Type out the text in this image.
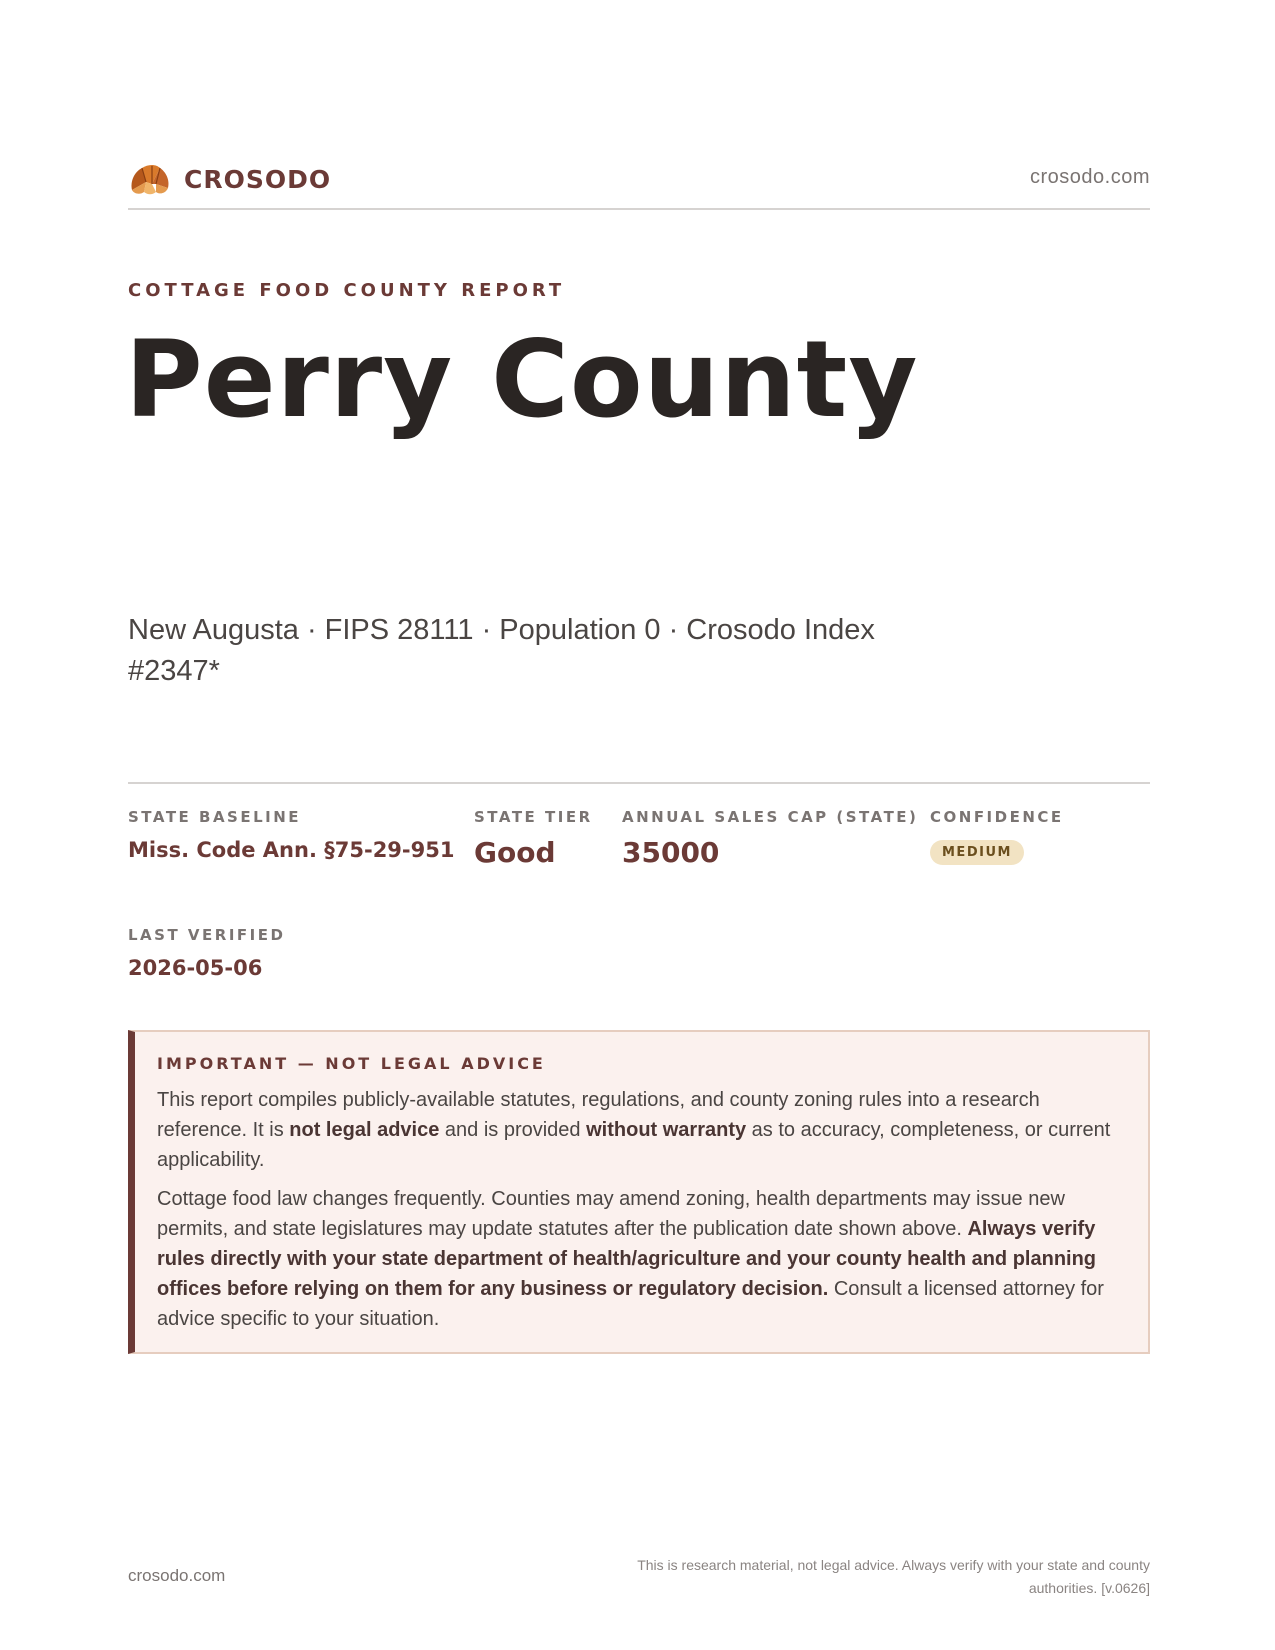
CROSODO	crosodo.com
COTTAGE FOOD COUNTY REPORT
Perry County
New Augusta · FIPS 28111 · Population 0 · Crosodo Index #2347*
STATE BASELINE
Miss. Code Ann. §75-29-951
STATE TIER
Good
ANNUAL SALES CAP (STATE)
35000
CONFIDENCE
MEDIUM
LAST VERIFIED
2026-05-06
IMPORTANT — NOT LEGAL ADVICE

This report compiles publicly-available statutes, regulations, and county zoning rules into a research reference. It is not legal advice and is provided without warranty as to accuracy, completeness, or current applicability.

Cottage food law changes frequently. Counties may amend zoning, health departments may issue new permits, and state legislatures may update statutes after the publication date shown above. Always verify rules directly with your state department of health/agriculture and your county health and planning offices before relying on them for any business or regulatory decision. Consult a licensed attorney for advice specific to your situation.

crosodo.com
This is research material, not legal advice. Always verify with your state and county authorities. [v.0626]
